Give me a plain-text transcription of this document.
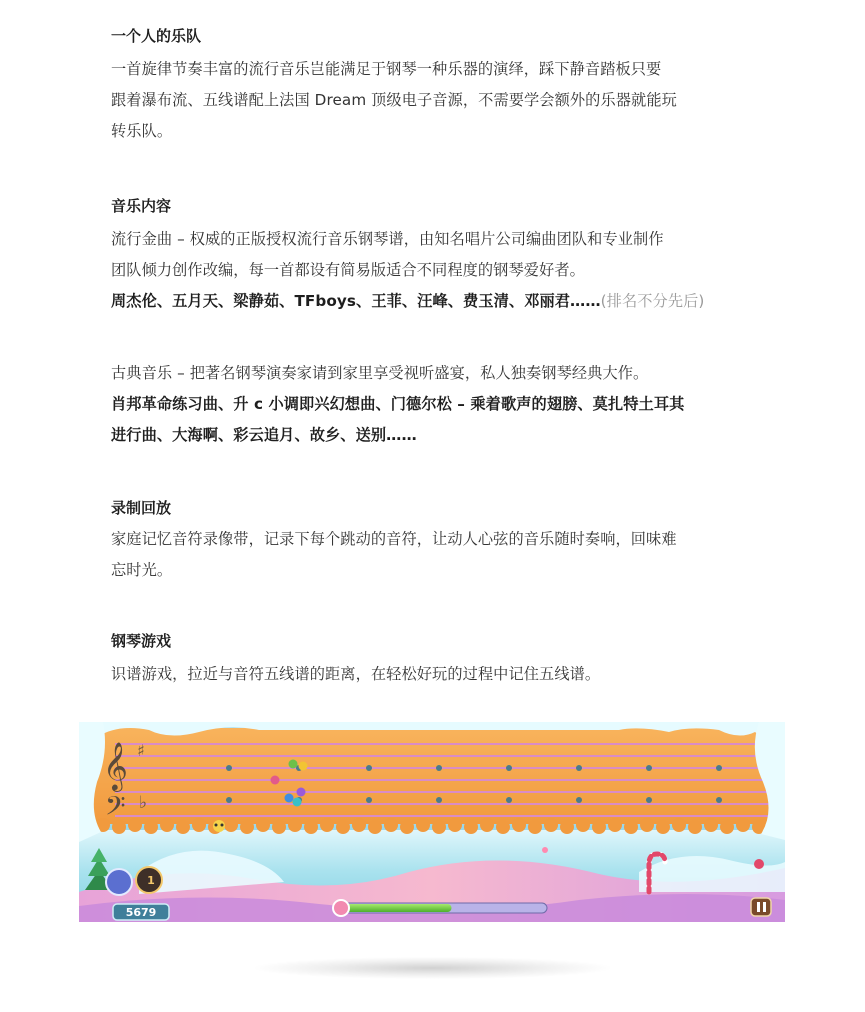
一个人的乐队
一首旋律节奏丰富的流行音乐岂能满足于钢琴一种乐器的演绎，踩下静音踏板只要
跟着瀑布流、五线谱配上法国 Dream 顶级电子音源，不需要学会额外的乐器就能玩
转乐队。
音乐内容
流行金曲 – 权威的正版授权流行音乐钢琴谱，由知名唱片公司编曲团队和专业制作
团队倾力创作改编，每一首都设有简易版适合不同程度的钢琴爱好者。
周杰伦、五月天、梁静茹、TFboys、王菲、汪峰、费玉清、邓丽君……(排名不分先后)
古典音乐 – 把著名钢琴演奏家请到家里享受视听盛宴，私人独奏钢琴经典大作。
肖邦革命练习曲、升 c 小调即兴幻想曲、门德尔松 – 乘着歌声的翅膀、莫扎特土耳其
进行曲、大海啊、彩云追月、故乡、送别……
录制回放
家庭记忆音符录像带，记录下每个跳动的音符，让动人心弦的音乐随时奏响，回味难
忘时光。
钢琴游戏
识谱游戏，拉近与音符五线谱的距离，在轻松好玩的过程中记住五线谱。
𝄞
𝄢
♯
♭
1
5679
